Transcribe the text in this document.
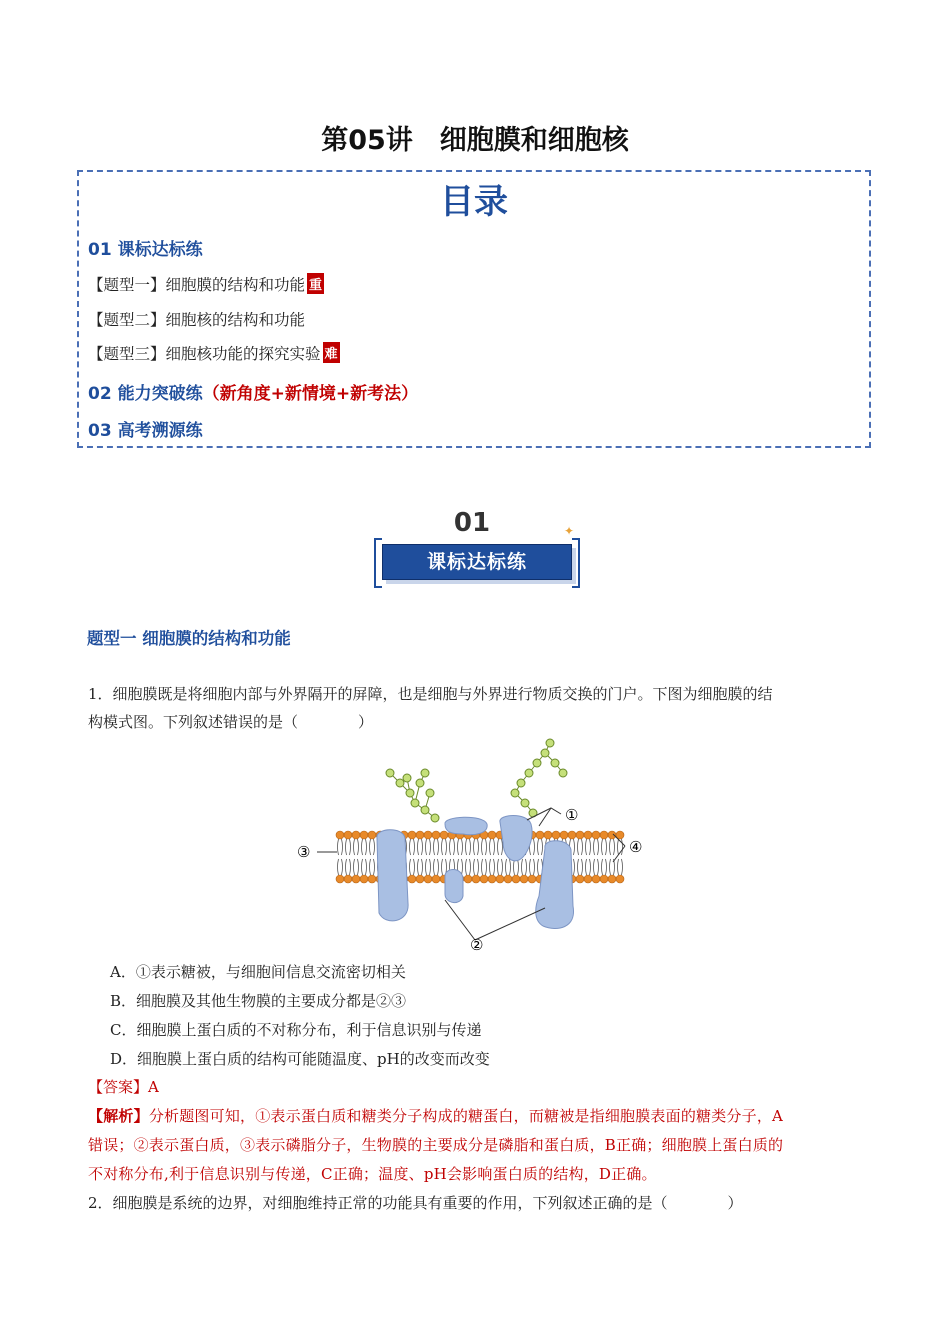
第05讲　细胞膜和细胞核
目录
01 课标达标练
【题型一】细胞膜的结构和功能 重
【题型二】细胞核的结构和功能
【题型三】细胞核功能的探究实验 难
02 能力突破练（新角度+新情境+新考法）
03 高考溯源练
01
课标达标练
✦
题型一 细胞膜的结构和功能
1．细胞膜既是将细胞内部与外界隔开的屏障，也是细胞与外界进行物质交换的门户。下图为细胞膜的结
构模式图。下列叙述错误的是（　　　　）
①
③	④
②
A．①表示糖被，与细胞间信息交流密切相关
B．细胞膜及其他生物膜的主要成分都是②③
C．细胞膜上蛋白质的不对称分布，利于信息识别与传递
D．细胞膜上蛋白质的结构可能随温度、pH的改变而改变
【答案】A
【解析】分析题图可知，①表示蛋白质和糖类分子构成的糖蛋白，而糖被是指细胞膜表面的糖类分子，A
错误；②表示蛋白质，③表示磷脂分子，生物膜的主要成分是磷脂和蛋白质，B正确；细胞膜上蛋白质的
不对称分布,利于信息识别与传递，C正确；温度、pH会影响蛋白质的结构，D正确。
2．细胞膜是系统的边界，对细胞维持正常的功能具有重要的作用，下列叙述正确的是（　　　　）
